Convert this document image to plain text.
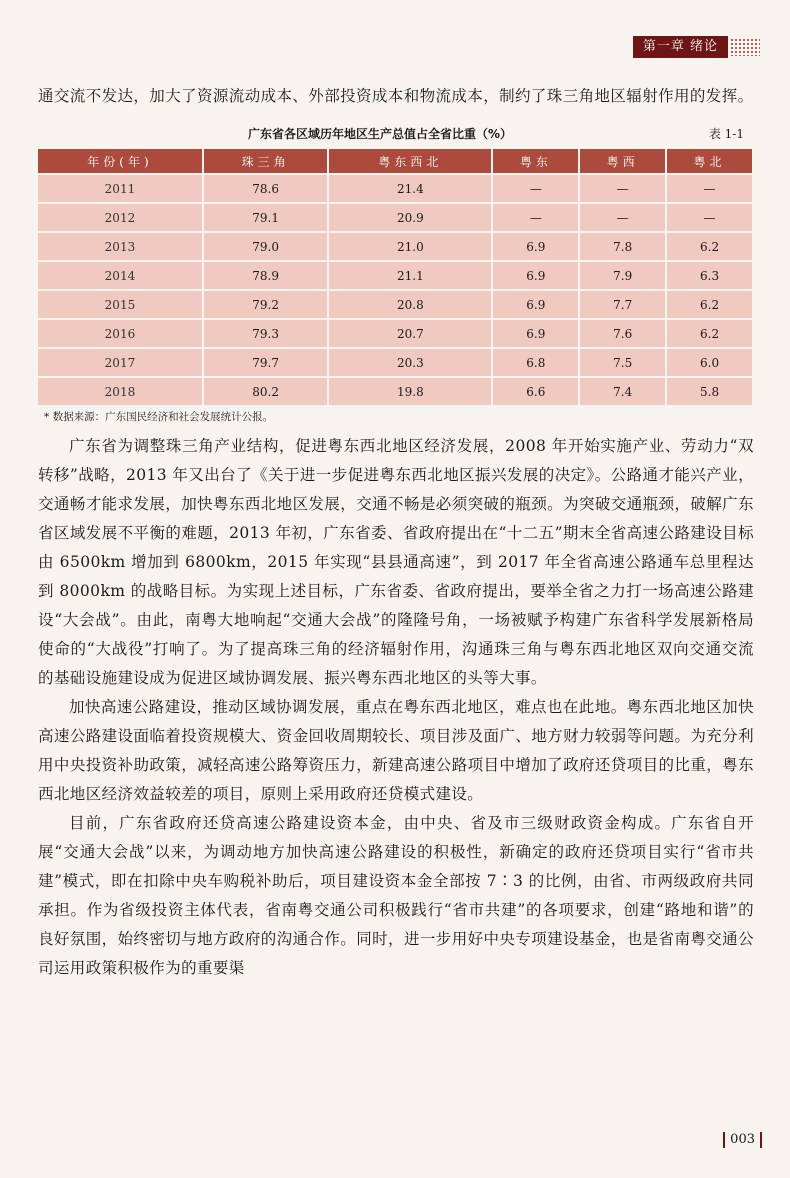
第一章 绪论

通交流不发达，加大了资源流动成本、外部投资成本和物流成本，制约了珠三角地区辐射作用的发挥。

广东省各区域历年地区生产总值占全省比重（%）	表 1-1
年份(年)	珠三角	粤东西北	粤东	粤西	粤北
2011	78.6	21.4	—	—	—
2012	79.1	20.9	—	—	—
2013	79.0	21.0	6.9	7.8	6.2
2014	78.9	21.1	6.9	7.9	6.3
2015	79.2	20.8	6.9	7.7	6.2
2016	79.3	20.7	6.9	7.6	6.2
2017	79.7	20.3	6.8	7.5	6.0
2018	80.2	19.8	6.6	7.4	5.8
* 数据来源：广东国民经济和社会发展统计公报。

广东省为调整珠三角产业结构，促进粤东西北地区经济发展，2008 年开始实施产业、劳动力“双转移”战略，2013 年又出台了《关于进一步促进粤东西北地区振兴发展的决定》。公路通才能兴产业，交通畅才能求发展，加快粤东西北地区发展，交通不畅是必须突破的瓶颈。为突破交通瓶颈，破解广东省区域发展不平衡的难题，2013 年初，广东省委、省政府提出在“十二五”期末全省高速公路建设目标由 6500km 增加到 6800km，2015 年实现“县县通高速”，到 2017 年全省高速公路通车总里程达到 8000km 的战略目标。为实现上述目标，广东省委、省政府提出，要举全省之力打一场高速公路建设“大会战”。由此，南粤大地响起“交通大会战”的隆隆号角，一场被赋予构建广东省科学发展新格局使命的“大战役”打响了。为了提高珠三角的经济辐射作用，沟通珠三角与粤东西北地区双向交通交流的基础设施建设成为促进区域协调发展、振兴粤东西北地区的头等大事。

加快高速公路建设，推动区域协调发展，重点在粤东西北地区，难点也在此地。粤东西北地区加快高速公路建设面临着投资规模大、资金回收周期较长、项目涉及面广、地方财力较弱等问题。为充分利用中央投资补助政策，减轻高速公路筹资压力，新建高速公路项目中增加了政府还贷项目的比重，粤东西北地区经济效益较差的项目，原则上采用政府还贷模式建设。

目前，广东省政府还贷高速公路建设资本金，由中央、省及市三级财政资金构成。广东省自开展“交通大会战”以来，为调动地方加快高速公路建设的积极性，新确定的政府还贷项目实行“省市共建”模式，即在扣除中央车购税补助后，项目建设资本金全部按 7∶3 的比例，由省、市两级政府共同承担。作为省级投资主体代表，省南粤交通公司积极践行“省市共建”的各项要求，创建“路地和谐”的良好氛围，始终密切与地方政府的沟通合作。同时，进一步用好中央专项建设基金，也是省南粤交通公司运用政策积极作为的重要渠

003
